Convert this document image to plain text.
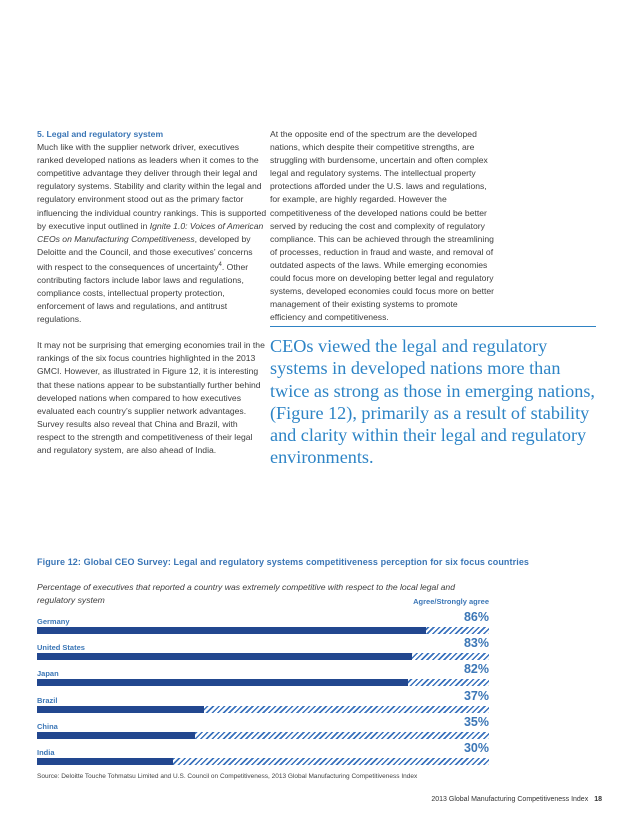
5. Legal and regulatory system

Much like with the supplier network driver, executives ranked developed nations as leaders when it comes to the competitive advantage they deliver through their legal and regulatory systems. Stability and clarity within the legal and regulatory environment stood out as the primary factor influencing the individual country rankings. This is supported by executive input outlined in Ignite 1.0: Voices of American CEOs on Manufacturing Competitiveness, developed by Deloitte and the Council, and those executives’ concerns with respect to the consequences of uncertainty$^4$. Other contributing factors include labor laws and regulations, compliance costs, intellectual property protection, enforcement of laws and regulations, and antitrust regulations.

It may not be surprising that emerging economies trail in the rankings of the six focus countries highlighted in the 2013 GMCI. However, as illustrated in Figure 12, it is interesting that these nations appear to be substantially further behind developed nations when compared to how executives evaluated each country’s supplier network advantages. Survey results also reveal that China and Brazil, with respect to the strength and competitiveness of their legal and regulatory system, are also ahead of India.

At the opposite end of the spectrum are the developed nations, which despite their competitive strengths, are struggling with burdensome, uncertain and often complex legal and regulatory systems. The intellectual property protections afforded under the U.S. laws and regulations, for example, are highly regarded. However the competitiveness of the developed nations could be better served by reducing the cost and complexity of regulatory compliance. This can be achieved through the streamlining of processes, reduction in fraud and waste, and removal of outdated aspects of the laws. While emerging economies could focus more on developing better legal and regulatory systems, developed economies could focus more on better management of their existing systems to promote efficiency and competitiveness.

CEOs viewed the legal and regulatory systems in developed nations more than twice as strong as those in emerging nations, (Figure 12), primarily as a result of stability and clarity within their legal and regulatory environments.
Figure 12: Global CEO Survey: Legal and regulatory systems competitiveness perception for six focus countries
Percentage of executives that reported a country was extremely competitive with respect to the local legal and regulatory system	Agree/Strongly agree
Germany	86%
United States	83%
Japan	82%
Brazil	37%
China	35%
India	30%
Source: Deloitte Touche Tohmatsu Limited and U.S. Council on Competitiveness, 2013 Global Manufacturing Competitiveness Index
2013 Global Manufacturing Competitiveness Index 18
